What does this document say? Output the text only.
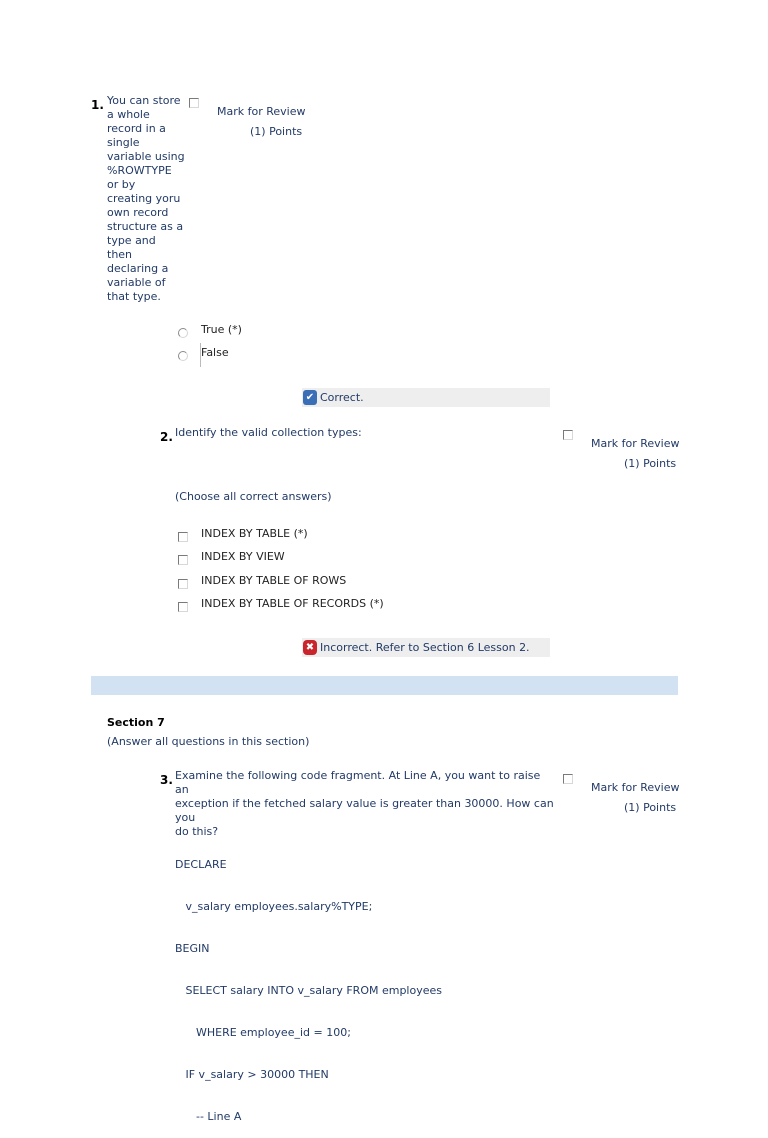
1. You can store
a whole
record in a
single
variable using
%ROWTYPE
or by
creating yoru
own record
structure as a
type and
then
declaring a
variable of
that type.
Mark for Review
(1) Points
True (*)
False
✔ Correct.
2. Identify the valid collection types:
Mark for Review
(1) Points
(Choose all correct answers)
INDEX BY TABLE (*)
INDEX BY VIEW
INDEX BY TABLE OF ROWS
INDEX BY TABLE OF RECORDS (*)
✖ Incorrect. Refer to Section 6 Lesson 2.
Section 7
(Answer all questions in this section)
3. Examine the following code fragment. At Line A, you want to raise an
exception if the fetched salary value is greater than 30000. How can you
do this?
Mark for Review
(1) Points

DECLARE

v_salary employees.salary%TYPE;

BEGIN

SELECT salary INTO v_salary FROM employees

WHERE employee_id = 100;

IF v_salary > 30000 THEN

-- Line A
